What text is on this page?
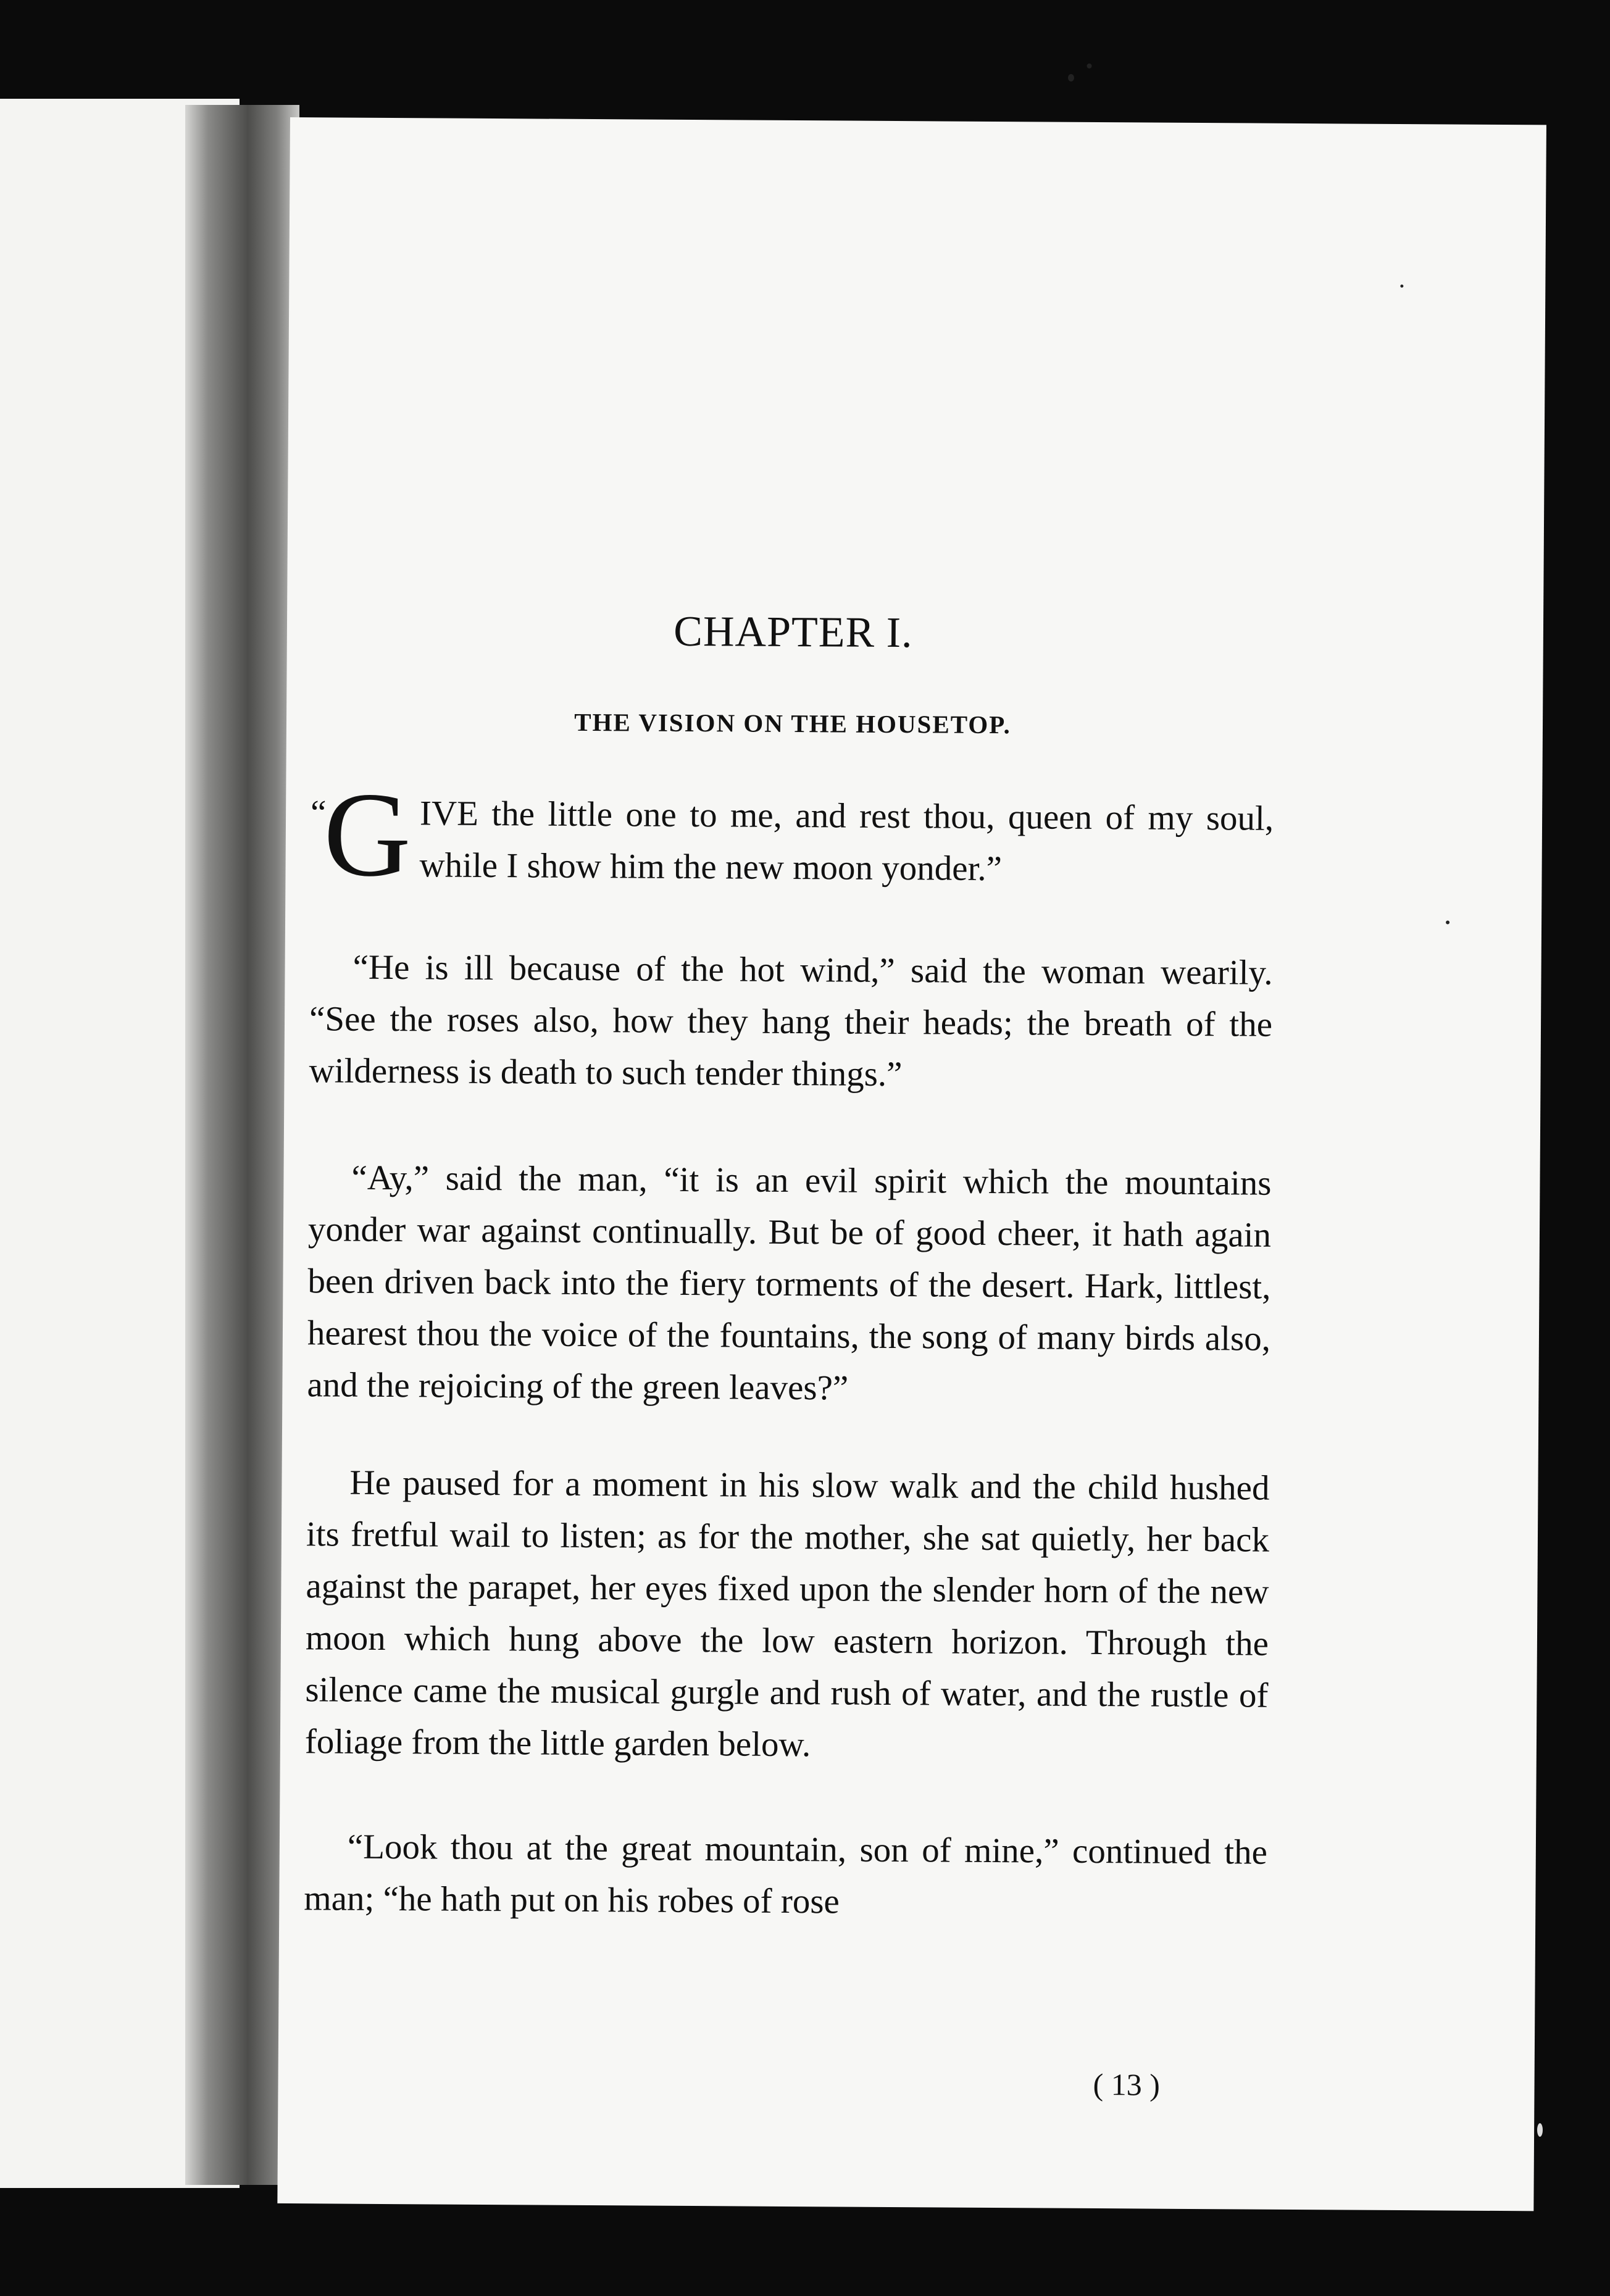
CHAPTER I.
THE VISION ON THE HOUSETOP.

“
G IVE the little one to me, and rest thou, queen of my soul, while I show him the new moon yonder.”

“He is ill because of the hot wind,” said the woman wearily. “See the roses also, how they hang their heads; the breath of the wilderness is death to such tender things.”

“Ay,” said the man, “it is an evil spirit which the mountains yonder war against continually. But be of good cheer, it hath again been driven back into the fiery torments of the desert. Hark, littlest, hearest thou the voice of the fountains, the song of many birds also, and the rejoicing of the green leaves?”

He paused for a moment in his slow walk and the child hushed its fretful wail to listen; as for the mother, she sat quietly, her back against the parapet, her eyes fixed upon the slender horn of the new moon which hung above the low eastern horizon. Through the silence came the musical gurgle and rush of water, and the rustle of foliage from the little garden below.

“Look thou at the great mountain, son of mine,” continued the man; “he hath put on his robes of rose

( 13 )
